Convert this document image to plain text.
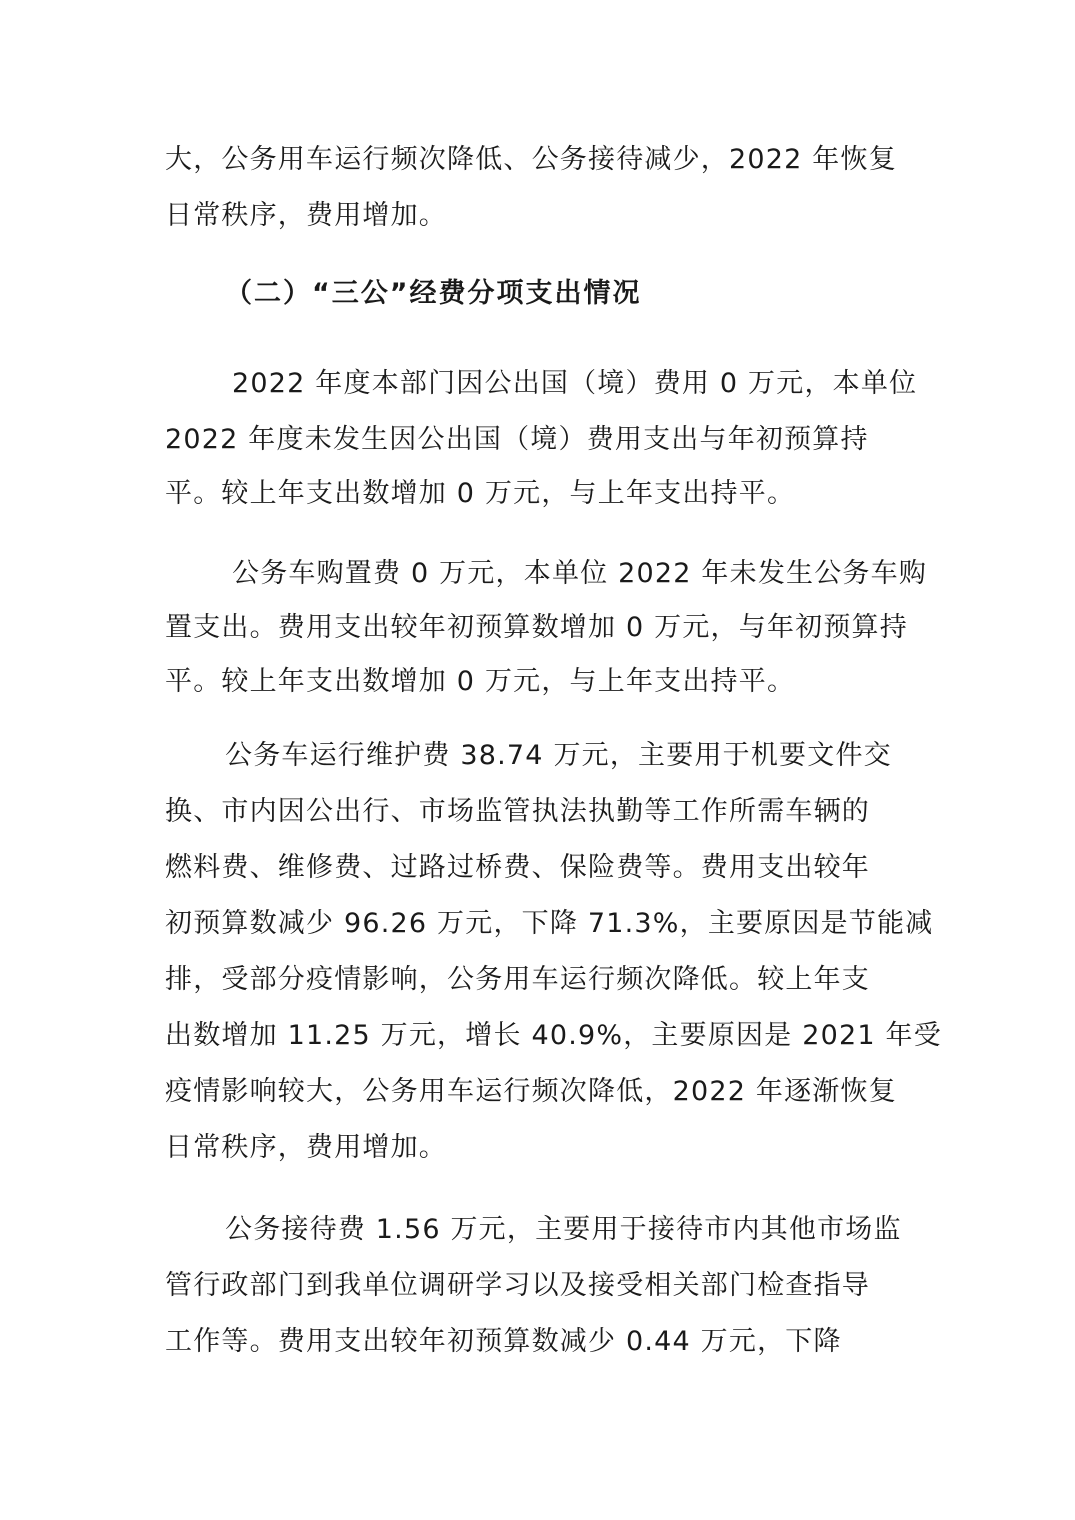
大，公务用车运行频次降低、公务接待减少，2022 年恢复
日常秩序，费用增加。
（二）“三公”经费分项支出情况
2022 年度本部门因公出国（境）费用 0 万元，本单位
2022 年度未发生因公出国（境）费用支出与年初预算持
平。较上年支出数增加 0 万元，与上年支出持平。
公务车购置费 0 万元，本单位 2022 年未发生公务车购
置支出。费用支出较年初预算数增加 0 万元，与年初预算持
平。较上年支出数增加 0 万元，与上年支出持平。
公务车运行维护费 38.74 万元，主要用于机要文件交
换、市内因公出行、市场监管执法执勤等工作所需车辆的
燃料费、维修费、过路过桥费、保险费等。费用支出较年
初预算数减少 96.26 万元，下降 71.3%，主要原因是节能减
排，受部分疫情影响，公务用车运行频次降低。较上年支
出数增加 11.25 万元，增长 40.9%，主要原因是 2021 年受
疫情影响较大，公务用车运行频次降低，2022 年逐渐恢复
日常秩序，费用增加。
公务接待费 1.56 万元，主要用于接待市内其他市场监
管行政部门到我单位调研学习以及接受相关部门检查指导
工作等。费用支出较年初预算数减少 0.44 万元，下降
